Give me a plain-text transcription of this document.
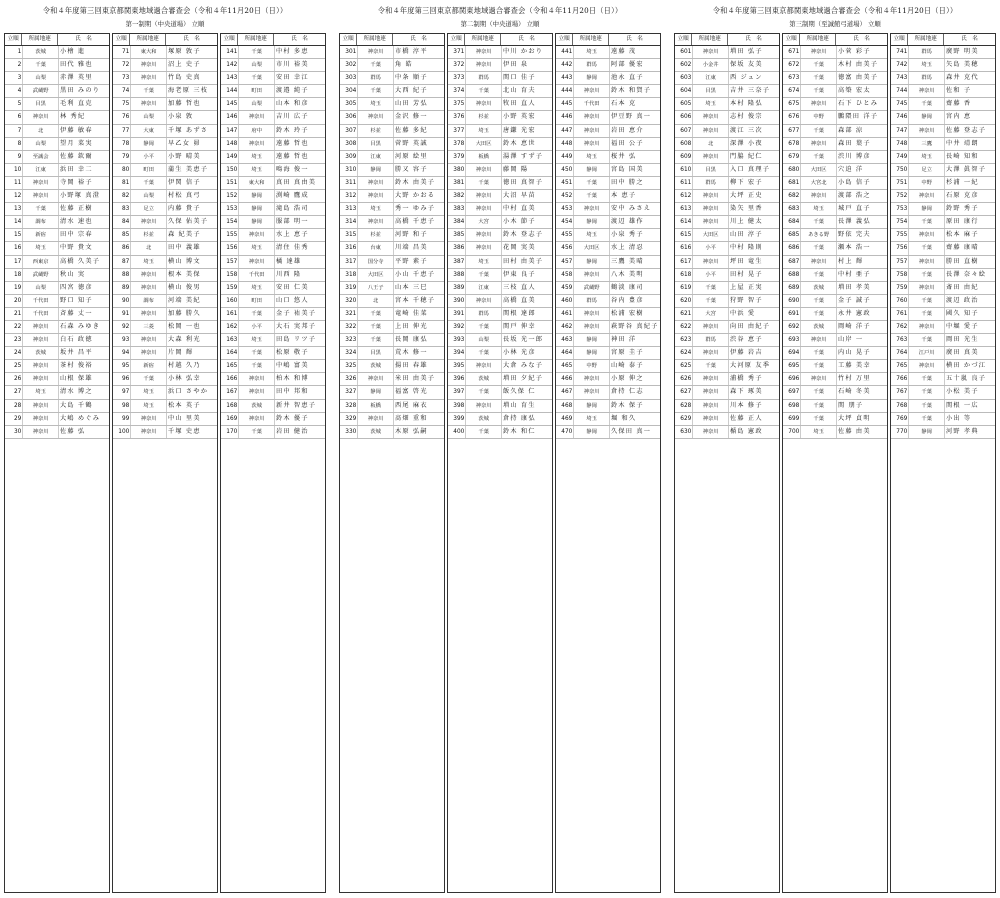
令和４年度第三回東京都関東地域過合審查会（令和４年11月20日（日））
第一制期（中央道場） 立順
立順	所属地連	氏　名
1	茨城	小檜 進
2	千葉	田代 雅也
3	山梨	赤澤 英里
4	武蔵野	黒田 みのり
5	目黒	毛利 直克
6	神奈川	林 秀紀
7	北	伊藤 敏春
8	山梨	望月 菜実
9	至誠会	佐藤 欽爾
10	江東	浜田 幸二
11	神奈川	寺岡 裕子
12	神奈川	小野塚 真澄
13	千葉	佐藤 正樹
14	調布	清水 速也
15	新宿	田中 宗春
16	埼玉	中野 貴文
17	西東京	高橋 久美子
18	武蔵野	秋山 実
19	山梨	四宮 徳彦
20	千代田	野口 知子
21	千代田	斉藤 丈一
22	神奈川	石森 みゆき
23	神奈川	白石 政徳
24	茨城	坂井 昌平
25	神奈川	茶村 俊裕
26	神奈川	山根 保雄
27	埼玉	清水 博之
28	神奈川	大島 千鶴
29	神奈川	大嶋 めぐみ
30	神奈川	佐藤 弘
立順	所属地連	氏　名
71	東大和	塚原 敦子
72	神奈川	沼上 史子
73	神奈川	竹島 史真
74	千葉	海老原 三枝
75	神奈川	加藤 哲也
76	山梨	小泉 敦
77	大東	千塚 あずさ
78	静岡	早乙女 昴
79	小平	小野 晴美
80	町田	蒲生 美恵子
81	千葉	伊関 信子
82	山梨	村松 真弓
83	足立	内藤 貴子
84	神奈川	久保 佑美子
85	杉並	森 紀美子
86	北	田中 義雄
87	埼玉	横山 博文
88	神奈川	根本 美保
89	神奈川	横山 俊男
90	調布	河端 美紀
91	神奈川	加藤 勝久
92	三菱	松岡 一也
93	神奈川	大森 利光
94	神奈川	片岡 輝
95	新宿	村越 久乃
96	千葉	小林 弘幸
97	埼玉	浜口 さやか
98	埼玉	松本 英子
99	神奈川	中山 里美
100	神奈川	千塚 史恵
立順	所属地連	氏　名
141	千葉	中村 多恵
142	山梨	市川 裕美
143	千葉	安田 幸江
144	町田	渡邉 純子
145	山梨	山本 和彦
146	神奈川	吉川 広子
147	府中	鈴木 玲子
148	神奈川	遠藤 哲也
149	埼玉	遠藤 哲也
150	埼玉	鳴海 俊一
151	東大和	真田 真由美
152	静岡	渕崎 鷹成
153	静岡	滝島 浩司
154	静岡	服部 明一
155	神奈川	水上 恵子
156	埼玉	清住 佳秀
157	神奈川	橘 達雄
158	千代田	川西 隆
159	埼玉	安田 仁美
160	町田	山口 悠人
161	千葉	金子 祐美子
162	小平	大石 実邦子
163	埼玉	田島 リツ子
164	千葉	松原 敬子
165	千葉	中嶋 富美
166	神奈川	柏木 和博
167	神奈川	田中 邦和
168	茨城	新井 智恵子
169	神奈川	鈴木 優子
170	千葉	岩田 健治
令和４年度第三回東京都関東地域過合審查会（令和４年11月20日（日））
第二制期（中央道場） 立順
立順	所属地連	氏　名
301	神奈川	市橋 淳平
302	千葉	角 皓
303	群馬	中条 順子
304	千葉	大西 紀子
305	埼玉	山田 芳弘
306	神奈川	金沢 修一
307	杉並	佐藤 多紀
308	目黒	菅野 英誠
309	江東	河原 絵里
310	静岡	勝又 容子
311	神奈川	鈴木 由美子
312	神奈川	大野 かおる
313	埼玉	秀一 ゆみ子
314	神奈川	高橋 千恵子
315	杉並	河野 和子
316	台東	川端 昌美
317	国分寺	平野 素子
318	大田区	小山 千恵子
319	八王子	山本 三巳
320	北	宮本 千穂子
321	千葉	竜崎 佳菜
322	千葉	上田 伸光
323	千葉	長岡 康弘
324	目黒	荒木 修一
325	茨城	揚田 春雄
326	神奈川	米田 由美子
327	静岡	福富 啓光
328	板橋	西尾 麻衣
329	神奈川	髙畑 重和
330	茨城	木原 弘嗣
立順	所属地連	氏　名
371	神奈川	中川 かおり
372	神奈川	伊田 泉
373	群馬	関口 佳子
374	千葉	北山 育夫
375	神奈川	牧田 直人
376	杉並	小野 英宏
377	埼玉	唐鎌 光宏
378	大田区	鈴木 恵世
379	板橋	湯澤 すず子
380	神奈川	藤岡 陽
381	千葉	徳田 真智子
382	神奈川	大沼 早苗
383	神奈川	中村 直美
384	大宮	小木 節子
385	神奈川	鈴木 登志子
386	神奈川	花岡 実美
387	埼玉	田村 由美子
388	千葉	伊東 良子
389	江東	三枝 直人
390	神奈川	高橋 直美
391	群馬	関根 達郎
392	千葉	関戸 伸幸
393	山梨	長坂 光一郎
394	千葉	小林 光彦
395	神奈川	大倉 みな子
396	茨城	増田 夕紀子
397	千葉	飯久保 仁
398	神奈川	増山 育生
399	茨城	倉持 康弘
400	千葉	鈴木 和仁
立順	所属地連	氏　名
441	埼玉	遠藤 茂
442	群馬	阿部 優宏
443	静岡	池永 直子
444	神奈川	鈴木 和賀子
445	千代田	石本 克
446	神奈川	伊豆野 真一
447	神奈川	岩田 恵介
448	神奈川	福田 公子
449	埼玉	桜井 弘
450	静岡	宮島 国美
451	千葉	田中 勝之
452	千葉	本 恵子
453	神奈川	安中 みさえ
454	静岡	渡辺 雄作
455	埼玉	小泉 秀子
456	大田区	水上 清忍
457	静岡	三鷹 美晴
458	神奈川	八木 美明
459	武蔵野	鶴淡 康司
460	群馬	谷内 豊彦
461	神奈川	松浦 宏樹
462	神奈川	萩野谷 真紀子
463	静岡	神田 洋
464	静岡	宮原 圭子
465	中野	山崎 泰子
466	神奈川	小原 伸之
467	神奈川	倉持 仁志
468	静岡	鈴木 保子
469	埼玉	堀 和久
470	静岡	久保田 真一
令和４年度第三回東京都関東地域過合審查会（令和４年11月20日（日））
第三制期（至誠館弓道場） 立順
立順	所属地連	氏　名
601	神奈川	増田 弘子
602	小金井	保坂 友美
603	江東	西 ジュン
604	目黒	吉井 三奈子
605	埼玉	本村 隆弘
606	神奈川	志村 俊宗
607	神奈川	渡江 三次
608	北	深澤 小夜
609	神奈川	門脇 紀仁
610	目黒	入口 真理子
611	群馬	柳下 宏子
612	神奈川	大坪 正史
613	神奈川	染矢 里香
614	神奈川	川上 健太
615	大田区	山田 淳子
616	小平	中村 隆則
617	神奈川	坪田 竜生
618	小平	田村 晃子
619	千葉	上屋 正実
620	千葉	狩野 智子
621	大宮	中浜 愛
622	神奈川	向田 由紀子
623	群馬	渋谷 恵子
624	神奈川	伊藤 岩吉
625	千葉	大河原 友季
626	神奈川	浦橋 秀子
627	神奈川	森下 琢美
628	神奈川	川本 修子
629	神奈川	佐藤 正人
630	神奈川	楯島 憲政
立順	所属地連	氏　名
671	神奈川	小菅 彩子
672	千葉	木村 由美子
673	千葉	徳富 由美子
674	千葉	高築 宏太
675	神奈川	石下 ひとみ
676	中野	鵬隈田 洋子
677	千葉	森部 涼
678	神奈川	森田 葉子
679	千葉	渋川 博彦
680	大田区	穴迫 洋
681	大宮北	小島 信子
682	神奈川	渡部 浩之
683	埼玉	城戸 直子
684	千葉	長澤 義弘
685	あきる野	野依 完夫
686	千葉	瀬本 浩一
687	神奈川	村上 輝
688	千葉	中村 亜子
689	茨城	増田 孝美
690	千葉	金子 誠子
691	千葉	永井 憲政
692	茨城	岡崎 洋子
693	神奈川	山岸 一
694	千葉	内山 晃子
695	千葉	工藤 美幸
696	神奈川	竹村 万里
697	千葉	石崎 冬美
698	千葉	関 朋子
699	千葉	大坪 貞明
700	埼玉	佐藤 由美
立順	所属地連	氏　名
741	群馬	廣野 明美
742	埼玉	矢島 美穂
743	群馬	森井 克代
744	神奈川	佐和 子
745	千葉	齋藤 香
746	静岡	宮内 恵
747	神奈川	佐藤 登志子
748	三鷹	中井 靖朗
749	埼玉	長崎 知和
750	足立	大澤 眞智子
751	中野	杉浦 一紀
752	神奈川	石原 克彦
753	静岡	鈴野 秀子
754	千葉	原田 康行
755	神奈川	松本 麻子
756	千葉	齋藤 康晴
757	神奈川	勝田 直樹
758	千葉	長澤 奈々絵
759	神奈川	斎田 由紀
760	千葉	渡辺 政治
761	千葉	國久 知子
762	神奈川	中堀 愛子
763	千葉	岡田 光生
764	江戸川	廣田 真美
765	神奈川	横田 かづ江
766	千葉	五十嵐 良子
767	千葉	小松 美子
768	千葉	関根 一広
769	千葉	小出 等
770	静岡	河野 孝典
